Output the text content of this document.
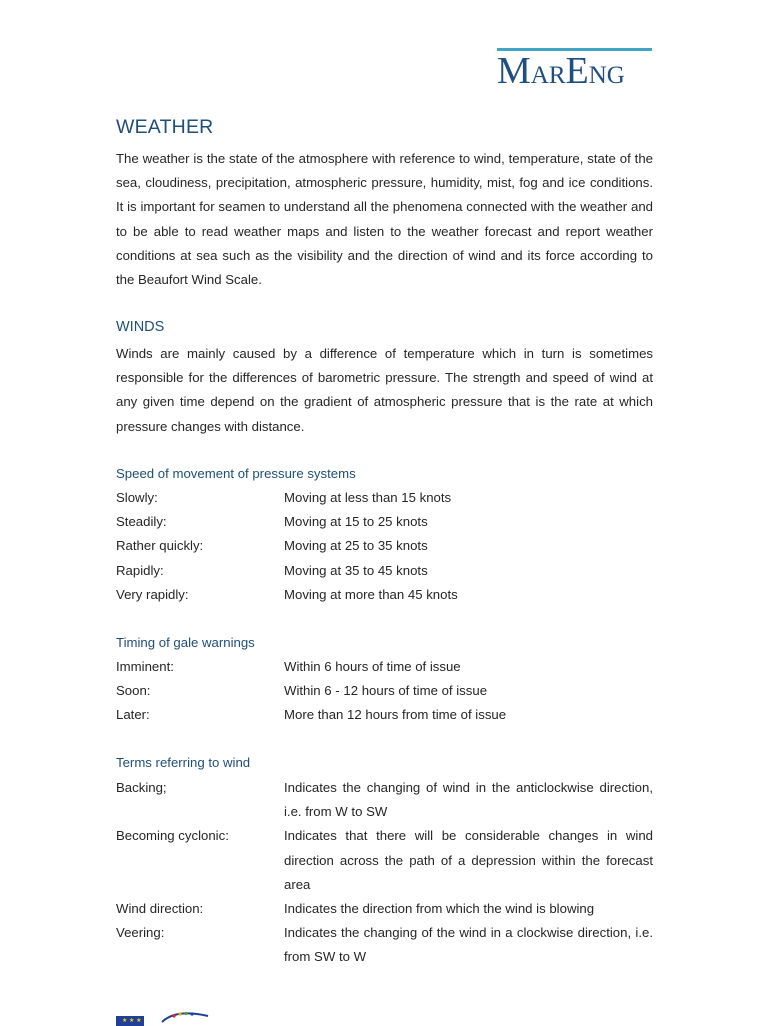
MARENG
WEATHER
The weather is the state of the atmosphere with reference to wind, temperature, state of the sea, cloudiness, precipitation, atmospheric pressure, humidity, mist, fog and ice conditions. It is important for seamen to understand all the phenomena connected with the weather and to be able to read weather maps and listen to the weather forecast and report weather conditions at sea such as the visibility and the direction of wind and its force according to the Beaufort Wind Scale.
WINDS
Winds are mainly caused by a difference of temperature which in turn is sometimes responsible for the differences of barometric pressure. The strength and speed of wind at any given time depend on the gradient of atmospheric pressure that is the rate at which pressure changes with distance.
Speed of movement of pressure systems
Slowly:	Moving at less than 15 knots
Steadily:	Moving at 15 to 25 knots
Rather quickly:	Moving at 25 to 35 knots
Rapidly:	Moving at 35 to 45 knots
Very rapidly:	Moving at more than 45 knots
Timing of gale warnings
Imminent:	Within 6 hours of time of issue
Soon:	Within 6 - 12 hours of time of issue
Later:	More than 12 hours from time of issue
Terms referring to wind
Backing;	Indicates the changing of wind in the anticlockwise direction, i.e. from W to SW
Becoming cyclonic:	Indicates that there will be considerable changes in wind direction across the path of a depression within the forecast area
Wind direction:	Indicates the direction from which the wind is blowing
Veering:	Indicates the changing of the wind in a clockwise direction, i.e. from SW to W
★ ★ ★
